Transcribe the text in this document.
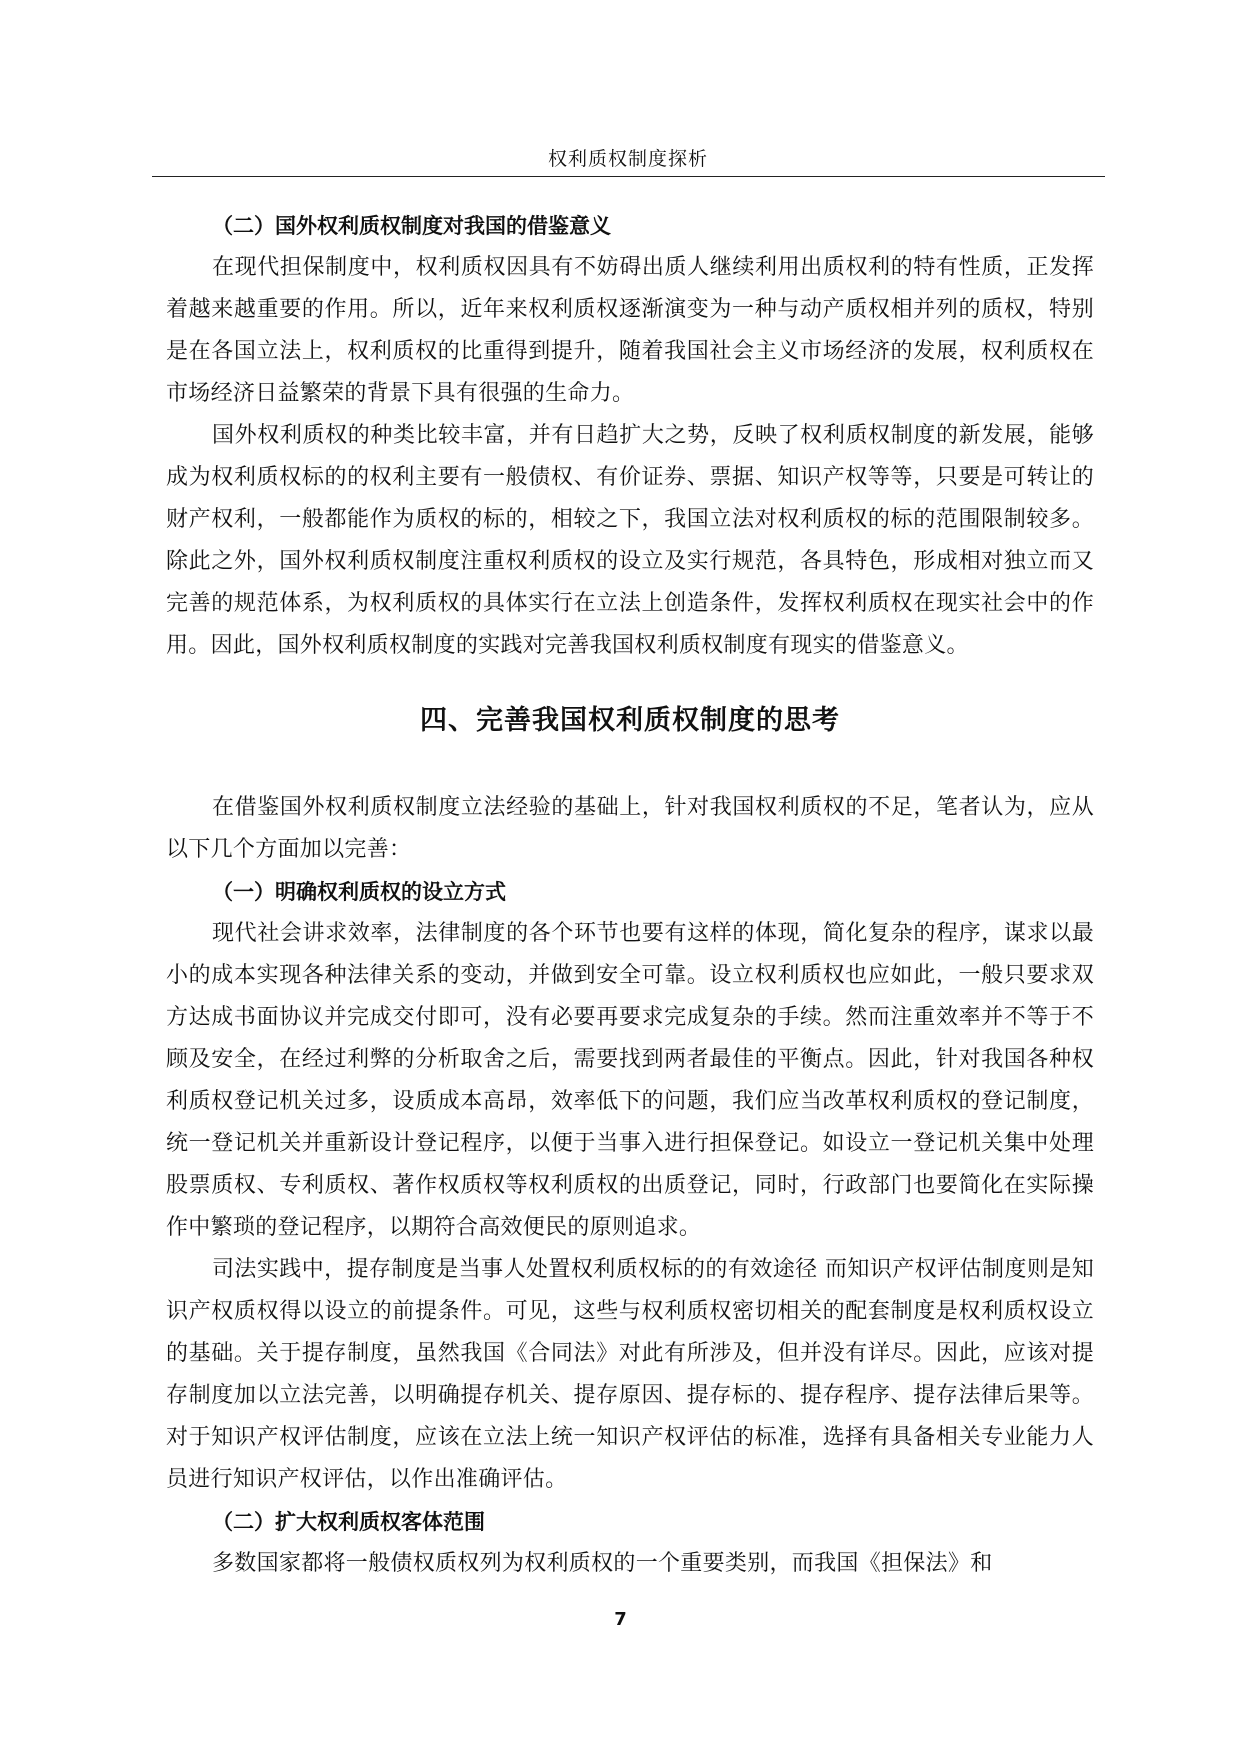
权利质权制度探析
（二）国外权利质权制度对我国的借鉴意义

在现代担保制度中，权利质权因具有不妨碍出质人继续利用出质权利的特有性质，正发挥着越来越重要的作用。所以，近年来权利质权逐渐演变为一种与动产质权相并列的质权，特别是在各国立法上，权利质权的比重得到提升，随着我国社会主义市场经济的发展，权利质权在市场经济日益繁荣的背景下具有很强的生命力。

国外权利质权的种类比较丰富，并有日趋扩大之势，反映了权利质权制度的新发展，能够成为权利质权标的的权利主要有一般债权、有价证券、票据、知识产权等等，只要是可转让的财产权利，一般都能作为质权的标的，相较之下，我国立法对权利质权的标的范围限制较多。除此之外，国外权利质权制度注重权利质权的设立及实行规范，各具特色，形成相对独立而又完善的规范体系，为权利质权的具体实行在立法上创造条件，发挥权利质权在现实社会中的作用。因此，国外权利质权制度的实践对完善我国权利质权制度有现实的借鉴意义。

四、完善我国权利质权制度的思考

在借鉴国外权利质权制度立法经验的基础上，针对我国权利质权的不足，笔者认为，应从以下几个方面加以完善：

（一）明确权利质权的设立方式

现代社会讲求效率，法律制度的各个环节也要有这样的体现，简化复杂的程序，谋求以最小的成本实现各种法律关系的变动，并做到安全可靠。设立权利质权也应如此，一般只要求双方达成书面协议并完成交付即可，没有必要再要求完成复杂的手续。然而注重效率并不等于不顾及安全，在经过利弊的分析取舍之后，需要找到两者最佳的平衡点。因此，针对我国各种权利质权登记机关过多，设质成本高昂，效率低下的问题，我们应当改革权利质权的登记制度，统一登记机关并重新设计登记程序，以便于当事入进行担保登记。如设立一登记机关集中处理股票质权、专利质权、著作权质权等权利质权的出质登记，同时，行政部门也要简化在实际操作中繁琐的登记程序，以期符合高效便民的原则追求。

司法实践中，提存制度是当事人处置权利质权标的的有效途径 而知识产权评估制度则是知识产权质权得以设立的前提条件。可见，这些与权利质权密切相关的配套制度是权利质权设立的基础。关于提存制度，虽然我国《合同法》对此有所涉及，但并没有详尽。因此，应该对提存制度加以立法完善，以明确提存机关、提存原因、提存标的、提存程序、提存法律后果等。对于知识产权评估制度，应该在立法上统一知识产权评估的标准，选择有具备相关专业能力人员进行知识产权评估，以作出准确评估。

（二）扩大权利质权客体范围

多数国家都将一般债权质权列为权利质权的一个重要类别，而我国《担保法》和

7
